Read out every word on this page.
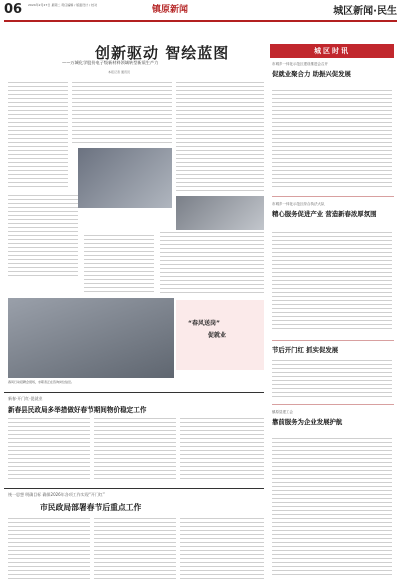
06 2024年2月27日 星期二 责任编辑 / 版面设计 / 校对	镇原新闻	城区新闻·民生
创新驱动 智绘蓝图
——万城化学股份电子级新材料领域转型新质生产力
本报记者 通讯员
“春风送岗”
促就业
春风行动招聘会现场，求职者正在咨询岗位信息。
城区时讯
市城乡一体化示范区建设推进会召开
促就业聚合力 助振兴促发展
市城乡一体化示范区综合执法大队
精心服务促进产业 营造新春浓厚氛围
节后开门红 抓实促发展
镇原县建工会
靠前服务为企业发展护航
新春·开门红·促就业
新春县民政局多举措做好春节期间物价稳定工作
统一思想 明确目标 确保2026年各项工作实现“开门红”
市民政局部署春节后重点工作
